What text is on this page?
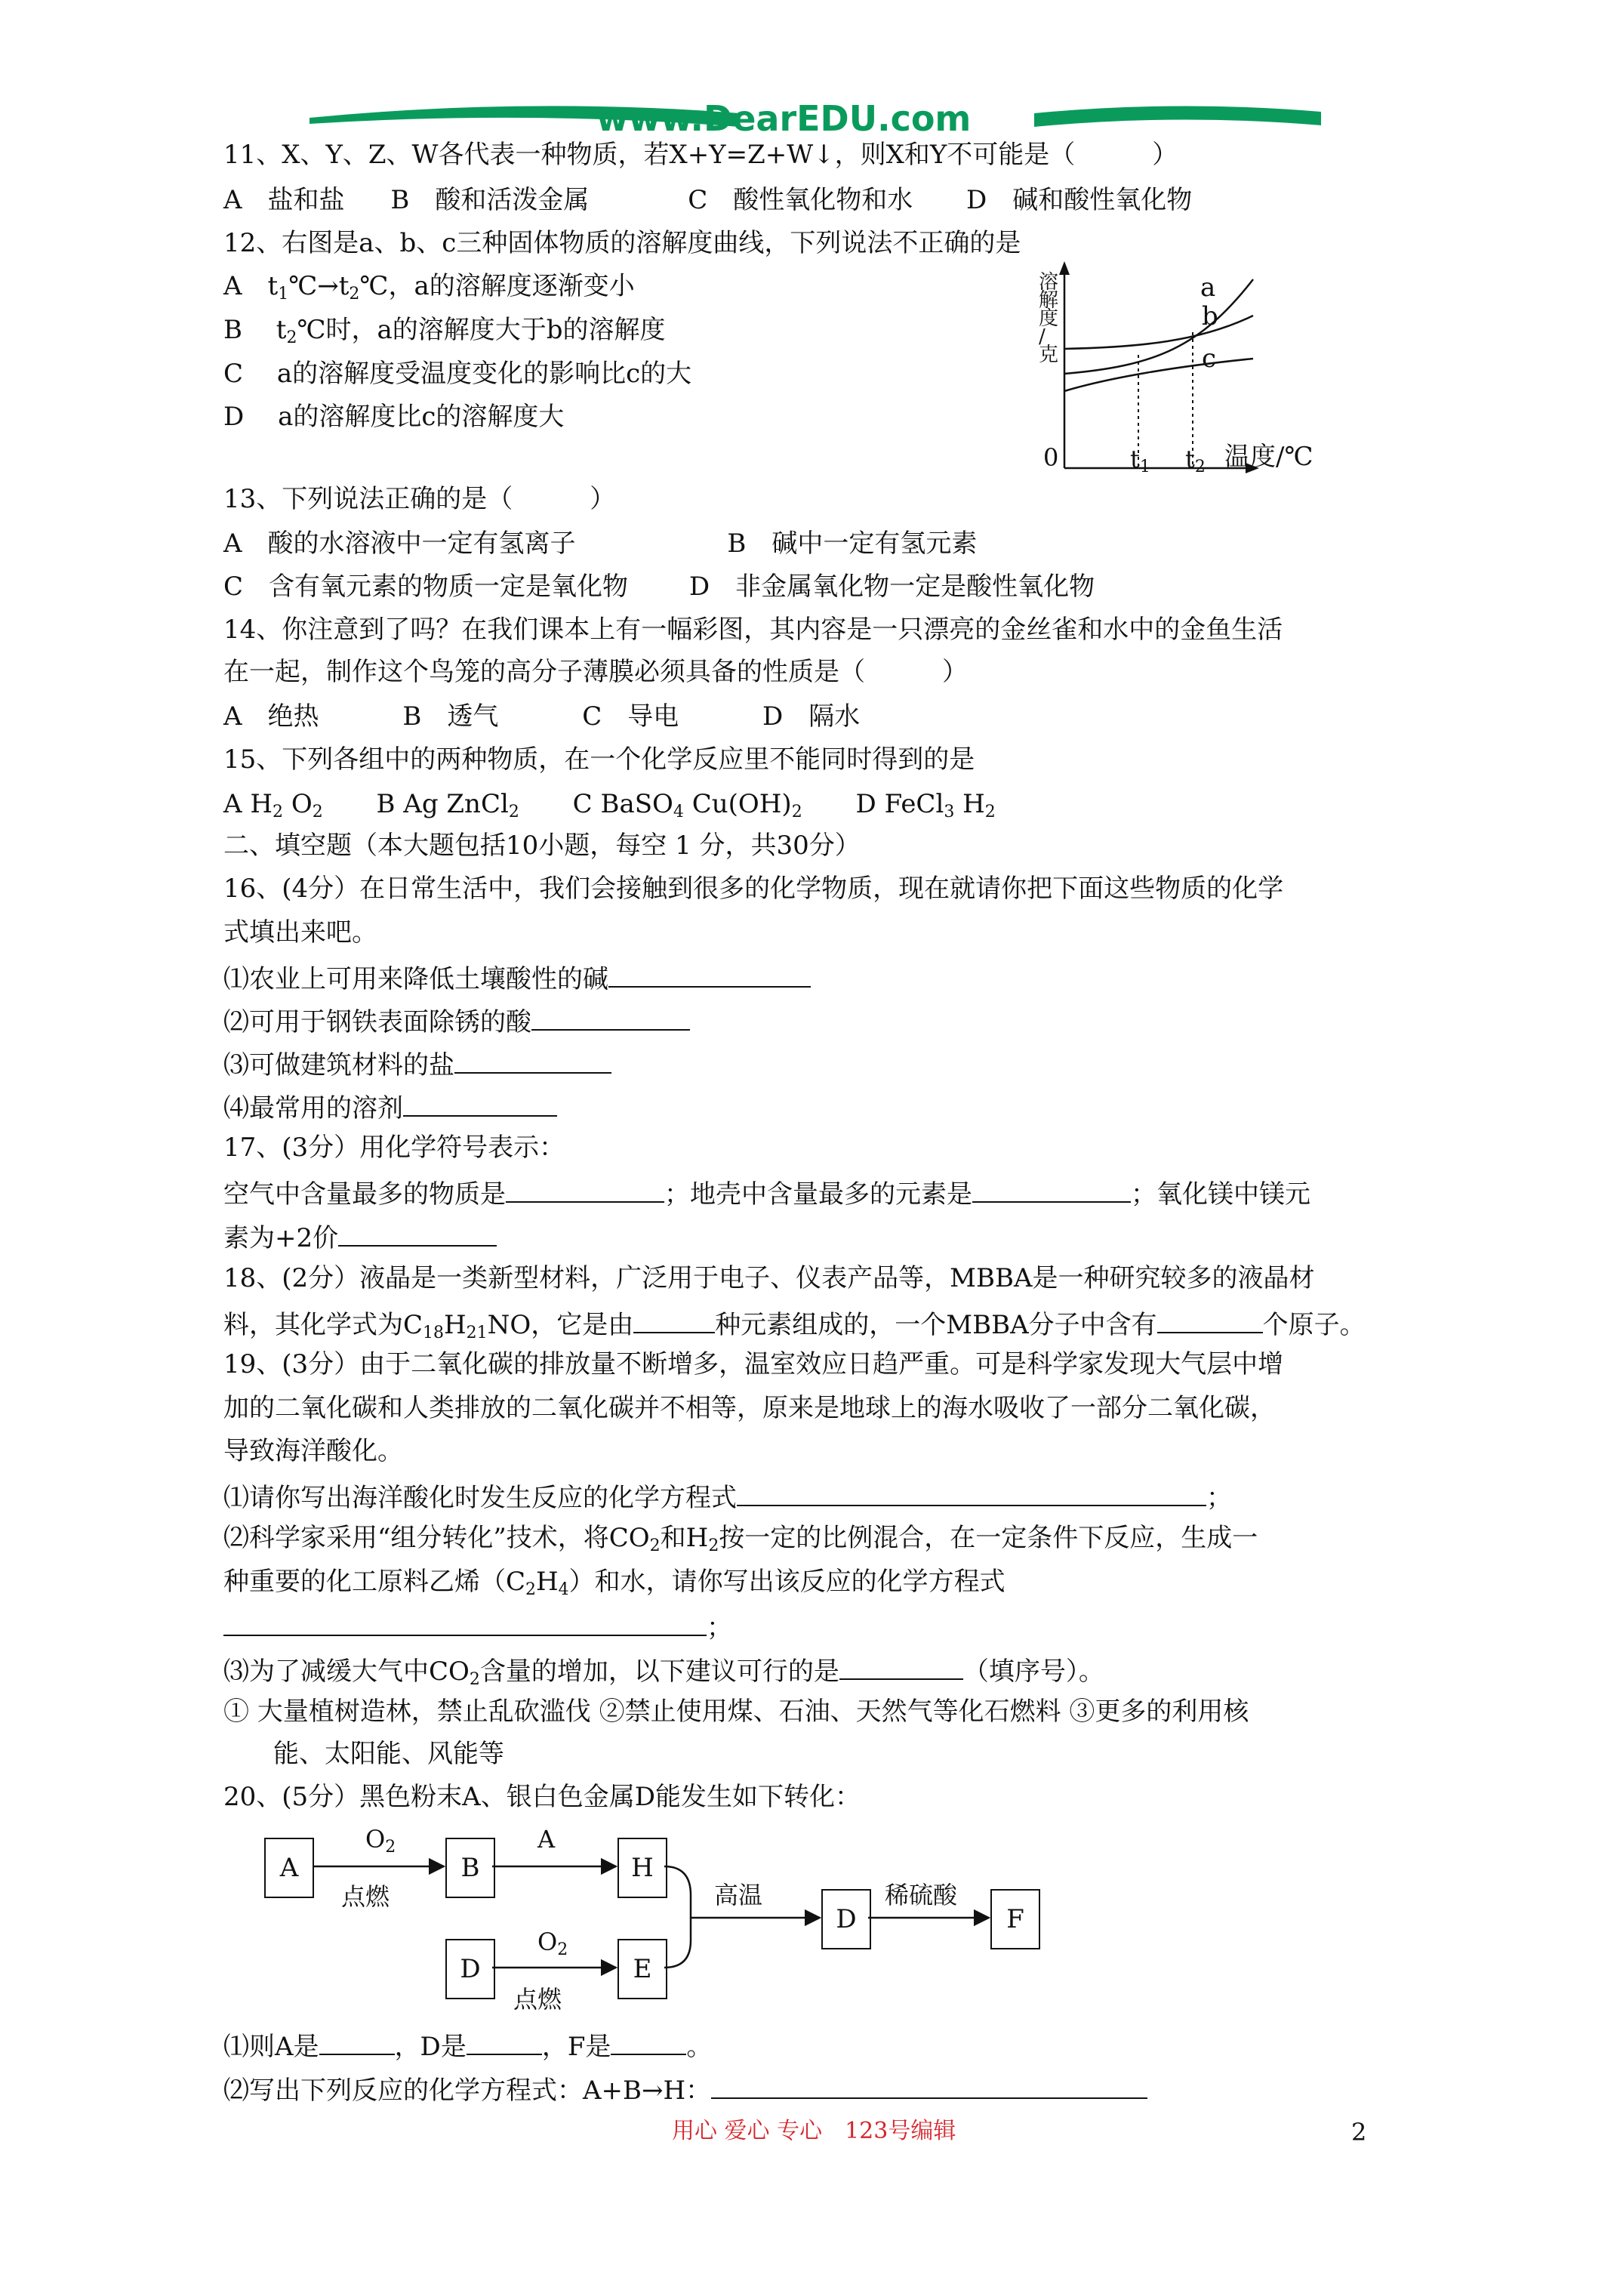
www.DearEDU.com
11、X、Y、Z、W各代表一种物质，若X+Y=Z+W↓，则X和Y不可能是（　　　）
A　盐和盐 B　酸和活泼金属	C　酸性氧化物和水 D　碱和酸性氧化物
12、右图是a、b、c三种固体物质的溶解度曲线，下列说法不正确的是
A　$t_1℃\to t_2℃$，a的溶解度逐渐变小
B　 $t_2℃$时，a的溶解度大于b的溶解度
C　 a的溶解度受温度变化的影响比c的大
D　 a的溶解度比c的溶解度大
溶
解
度
∕
克
a
b
c
0	$t_1$ $t_2$ 温度/℃
13、下列说法正确的是（　　　）
A　酸的水溶液中一定有氢离子	B　碱中一定有氢元素
C　含有氧元素的物质一定是氧化物 D　非金属氧化物一定是酸性氧化物
14、你注意到了吗？在我们课本上有一幅彩图，其内容是一只漂亮的金丝雀和水中的金鱼生活
在一起，制作这个鸟笼的高分子薄膜必须具备的性质是（　　　）
A　绝热	B　透气	C　导电	D　隔水
15、下列各组中的两种物质，在一个化学反应里不能同时得到的是
A $H_2$ $O_2$ B Ag ZnCl$_2$ C BaSO$_4$ $Cu(OH)_2$ D FeCl$_3$ $H_2$
二、填空题（本大题包括10小题，每空 1 分，共30分）
16、(4分）在日常生活中，我们会接触到很多的化学物质，现在就请你把下面这些物质的化学
式填出来吧。
⑴农业上可用来降低土壤酸性的碱
⑵可用于钢铁表面除锈的酸
⑶可做建筑材料的盐
⑷最常用的溶剂
17、(3分）用化学符号表示：
空气中含量最多的物质是	；地壳中含量最多的元素是	；氧化镁中镁元
素为+2价
18、(2分）液晶是一类新型材料，广泛用于电子、仪表产品等，MBBA是一种研究较多的液晶材
料，其化学式为$C_{18}H_{21}NO$，它是由	种元素组成的，一个MBBA分子中含有	个原子。
19、(3分）由于二氧化碳的排放量不断增多，温室效应日趋严重。可是科学家发现大气层中增
加的二氧化碳和人类排放的二氧化碳并不相等，原来是地球上的海水吸收了一部分二氧化碳，
导致海洋酸化。
⑴请你写出海洋酸化时发生反应的化学方程式	；
⑵科学家采用“组分转化”技术，将$CO_2$和$H_2$按一定的比例混合，在一定条件下反应，生成一
种重要的化工原料乙烯$(C_2H_4)$和水，请你写出该反应的化学方程式
；
⑶为了减缓大气中$CO_2$含量的增加，以下建议可行的是	（填序号）。
① 大量植树造林，禁止乱砍滥伐 ②禁止使用煤、石油、天然气等化石燃料 ③更多的利用核
能、太阳能、风能等
20、(5分）黑色粉末A、银白色金属D能发生如下转化：
A	B	H
D	E
D	F
$O_2$
点燃
A
$O_2$
点燃
高温	稀硫酸
⑴则A是	，D是	，F是	。
⑵写出下列反应的化学方程式：A+B→H：
用心 爱心 专心　123号编辑	2
